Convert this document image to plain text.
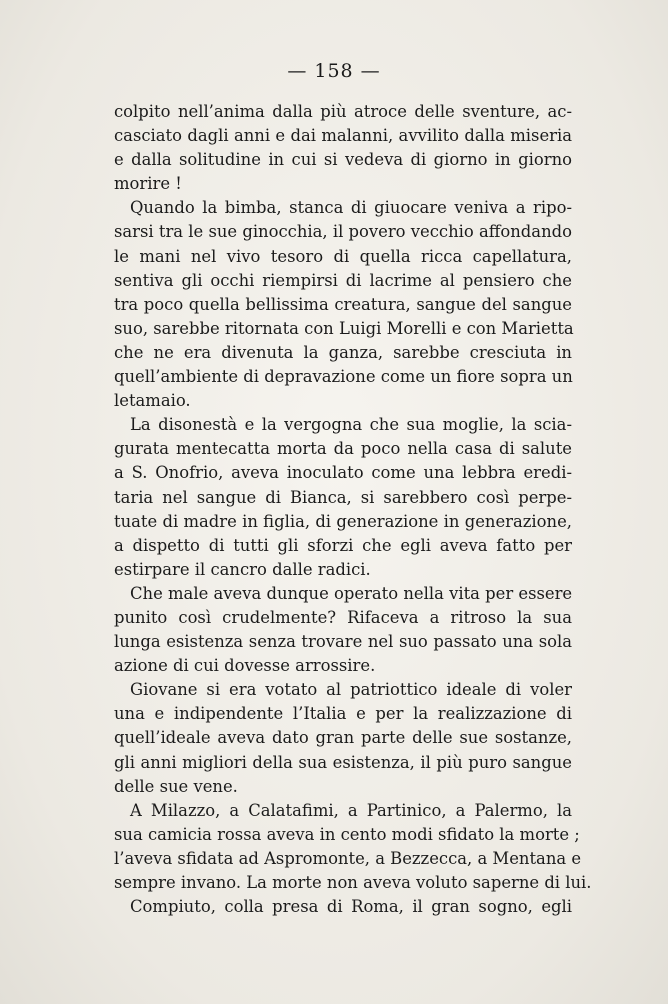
— 158 —
colpito nell’anima dalla più atroce delle sventure, ac-
casciato dagli anni e dai malanni, avvilito dalla miseria
e dalla solitudine in cui si vedeva di giorno in giorno
morire !
Quando la bimba, stanca di giuocare veniva a ripo-
sarsi tra le sue ginocchia, il povero vecchio affondando
le mani nel vivo tesoro di quella ricca capellatura,
sentiva gli occhi riempirsi di lacrime al pensiero che
tra poco quella bellissima creatura, sangue del sangue
suo, sarebbe ritornata con Luigi Morelli e con Marietta
che ne era divenuta la ganza, sarebbe cresciuta in
quell’ambiente di depravazione come un fiore sopra un
letamaio.
La disonestà e la vergogna che sua moglie, la scia-
gurata mentecatta morta da poco nella casa di salute
a S. Onofrio, aveva inoculato come una lebbra eredi-
taria nel sangue di Bianca, si sarebbero così perpe-
tuate di madre in figlia, di generazione in generazione,
a dispetto di tutti gli sforzi che egli aveva fatto per
estirpare il cancro dalle radici.
Che male aveva dunque operato nella vita per essere
punito così crudelmente? Rifaceva a ritroso la sua
lunga esistenza senza trovare nel suo passato una sola
azione di cui dovesse arrossire.
Giovane si era votato al patriottico ideale di voler
una e indipendente l’Italia e per la realizzazione di
quell’ideale aveva dato gran parte delle sue sostanze,
gli anni migliori della sua esistenza, il più puro sangue
delle sue vene.
A Milazzo, a Calatafimi, a Partinico, a Palermo, la
sua camicia rossa aveva in cento modi sfidato la morte ;
l’aveva sfidata ad Aspromonte, a Bezzecca, a Mentana e
sempre invano. La morte non aveva voluto saperne di lui.
Compiuto, colla presa di Roma, il gran sogno, egli
